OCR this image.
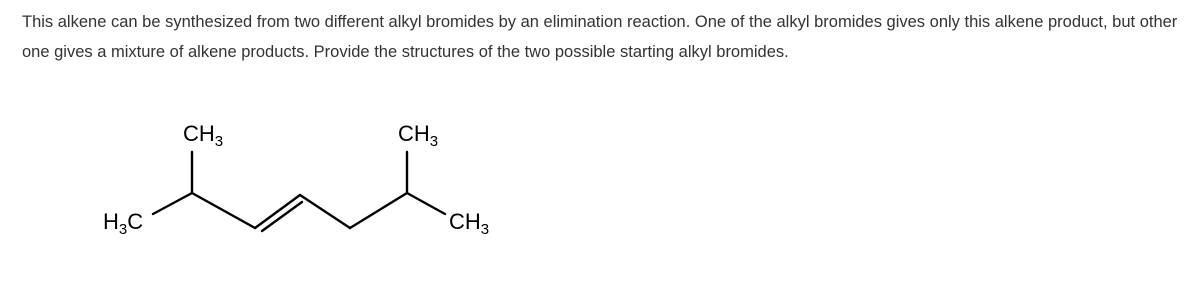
This alkene can be synthesized from two different alkyl bromides by an elimination reaction. One of the alkyl bromides gives only this alkene product, but other one gives a mixture of alkene products. Provide the structures of the two possible starting alkyl bromides.

$CH_3$	$CH_3$
$H_3C$	$CH_3$
